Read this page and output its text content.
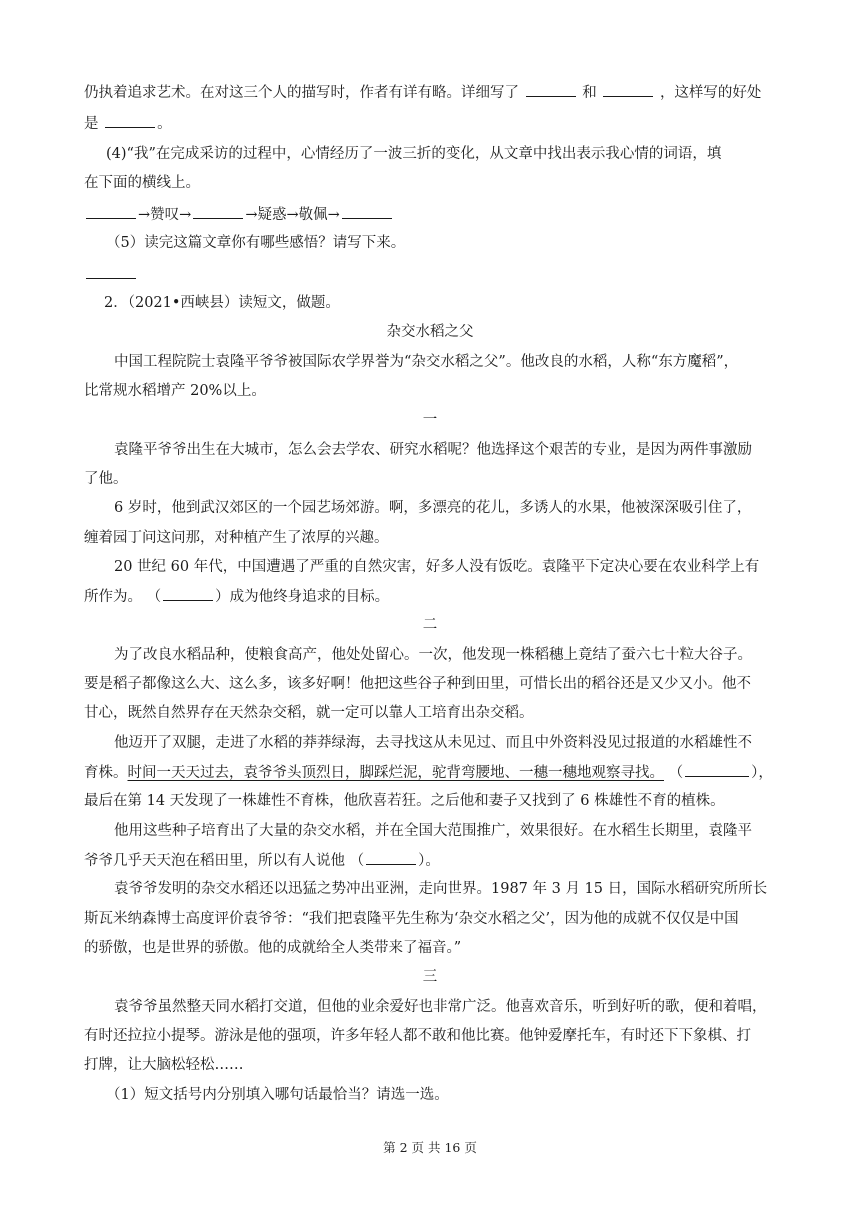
仍执着追求艺术。在对这三个人的描写时，作者有详有略。详细写了	和	，这样写的好处
是	。
(4)“我”在完成采访的过程中，心情经历了一波三折的变化，从文章中找出表示我心情的词语，填
在下面的横线上。
→赞叹→	→疑惑→敬佩→
（5）读完这篇文章你有哪些感悟？请写下来。
2．（2021•西峡县）读短文，做题。
杂交水稻之父
中国工程院院士袁隆平爷爷被国际农学界誉为“杂交水稻之父”。他改良的水稻，人称“东方魔稻”，
比常规水稻增产 20%以上。
一
袁隆平爷爷出生在大城市，怎么会去学农、研究水稻呢？他选择这个艰苦的专业，是因为两件事激励
了他。
6 岁时，他到武汉郊区的一个园艺场郊游。啊，多漂亮的花儿，多诱人的水果，他被深深吸引住了，
缠着园丁问这问那，对种植产生了浓厚的兴趣。
20 世纪 60 年代，中国遭遇了严重的自然灾害，好多人没有饭吃。袁隆平下定决心要在农业科学上有
所作为。 （	）成为他终身追求的目标。
二
为了改良水稻品种，使粮食高产，他处处留心。一次，他发现一株稻穗上竟结了蚕六七十粒大谷子。
要是稻子都像这么大、这么多，该多好啊！他把这些谷子种到田里，可惜长出的稻谷还是又少又小。他不
甘心，既然自然界存在天然杂交稻，就一定可以靠人工培育出杂交稻。
他迈开了双腿，走进了水稻的莽莽绿海，去寻找这从未见过、而且中外资料没见过报道的水稻雄性不
育株。时间一天天过去，袁爷爷头顶烈日，脚踩烂泥，驼背弯腰地、一穗一穗地观察寻找。 （	），
最后在第 14 天发现了一株雄性不育株，他欣喜若狂。之后他和妻子又找到了 6 株雄性不育的植株。
他用这些种子培育出了大量的杂交水稻，并在全国大范围推广，效果很好。在水稻生长期里，袁隆平
爷爷几乎天天泡在稻田里，所以有人说他 （	）。
袁爷爷发明的杂交水稻还以迅猛之势冲出亚洲，走向世界。1987 年 3 月 15 日，国际水稻研究所所长
斯瓦米纳森博士高度评价袁爷爷：“我们把袁隆平先生称为‘杂交水稻之父’，因为他的成就不仅仅是中国
的骄傲，也是世界的骄傲。他的成就给全人类带来了福音。”
三
袁爷爷虽然整天同水稻打交道，但他的业余爱好也非常广泛。他喜欢音乐，听到好听的歌，便和着唱，
有时还拉拉小提琴。游泳是他的强项，许多年轻人都不敢和他比赛。他钟爱摩托车，有时还下下象棋、打
打牌，让大脑松轻松……
（1）短文括号内分别填入哪句话最恰当？请选一选。
第 2 页 共 16 页
